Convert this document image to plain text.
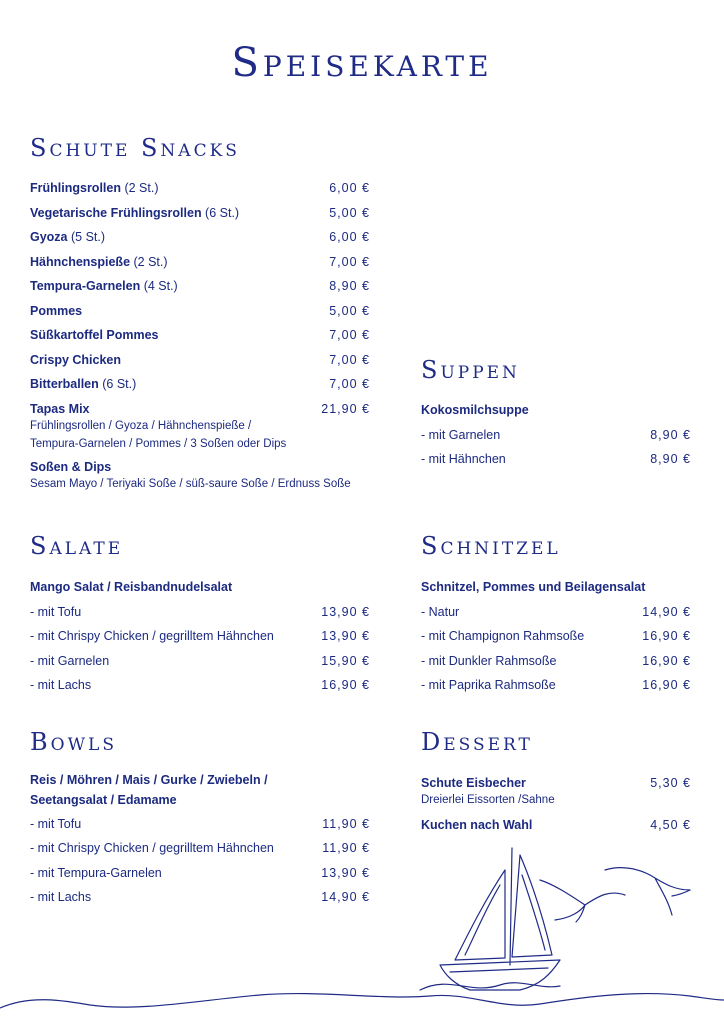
Speisekarte
Schute Snacks
Frühlingsrollen (2 St.)	6,00 €
Vegetarische Frühlingsrollen (6 St.)	5,00 €
Gyoza (5 St.)	6,00 €
Hähnchenspieße (2 St.)	7,00 €
Tempura-Garnelen (4 St.)	8,90 €
Pommes	5,00 €
Süßkartoffel Pommes	7,00 €
Crispy Chicken	7,00 €
Bitterballen (6 St.)	7,00 €
Tapas Mix	21,90 €
Frühlingsrollen / Gyoza / Hähnchenspieße /
Tempura-Garnelen / Pommes / 3 Soßen oder Dips
Soßen & Dips
Sesam Mayo / Teriyaki Soße / süß-saure Soße / Erdnuss Soße
Suppen
Kokosmilchsuppe
- mit Garnelen	8,90 €
- mit Hähnchen	8,90 €
Salate
Mango Salat / Reisbandnudelsalat
- mit Tofu	13,90 €
- mit Chrispy Chicken / gegrilltem Hähnchen	13,90 €
- mit Garnelen	15,90 €
- mit Lachs	16,90 €
Schnitzel
Schnitzel, Pommes und Beilagensalat
- Natur	14,90 €
- mit Champignon Rahmsoße	16,90 €
- mit Dunkler Rahmsoße	16,90 €
- mit Paprika Rahmsoße	16,90 €
Bowls
Reis / Möhren / Mais / Gurke / Zwiebeln /
Seetangsalat / Edamame
- mit Tofu	11,90 €
- mit Chrispy Chicken / gegrilltem Hähnchen	11,90 €
- mit Tempura-Garnelen	13,90 €
- mit Lachs	14,90 €
Dessert
Schute Eisbecher	5,30 €
Dreierlei Eissorten /Sahne
Kuchen nach Wahl	4,50 €
